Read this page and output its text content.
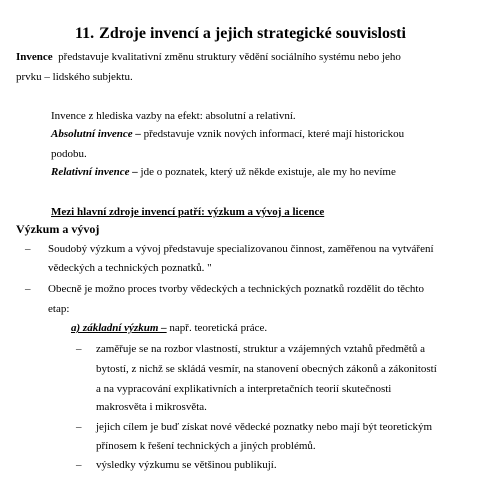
11. Zdroje invencí a jejich strategické souvislosti
Invence představuje kvalitativní změnu struktury vědění sociálního systému nebo jeho
prvku – lidského subjektu.
Invence z hlediska vazby na efekt: absolutní a relativní.
Absolutní invence – představuje vznik nových informací, které mají historickou
podobu.
Relativní invence – jde o poznatek, který už někde existuje, ale my ho nevíme
Mezi hlavní zdroje invencí patří: výzkum a vývoj a licence
Výzkum a vývoj
– Soudobý výzkum a vývoj představuje specializovanou činnost, zaměřenou na vytváření
vědeckých a technických poznatků. "
– Obecně je možno proces tvorby vědeckých a technických poznatků rozdělit do těchto
etap:
a) základní výzkum – např. teoretická práce.
– zaměřuje se na rozbor vlastností, struktur a vzájemných vztahů předmětů a
bytostí, z nichž se skládá vesmír, na stanovení obecných zákonů a zákonitostí
a na vypracování explikativních a interpretačních teorií skutečnosti
makrosvěta i mikrosvěta.
– jejich cílem je buď získat nové vědecké poznatky nebo mají být teoretickým
přínosem k řešení technických a jiných problémů.
– výsledky výzkumu se většinou publikují.
